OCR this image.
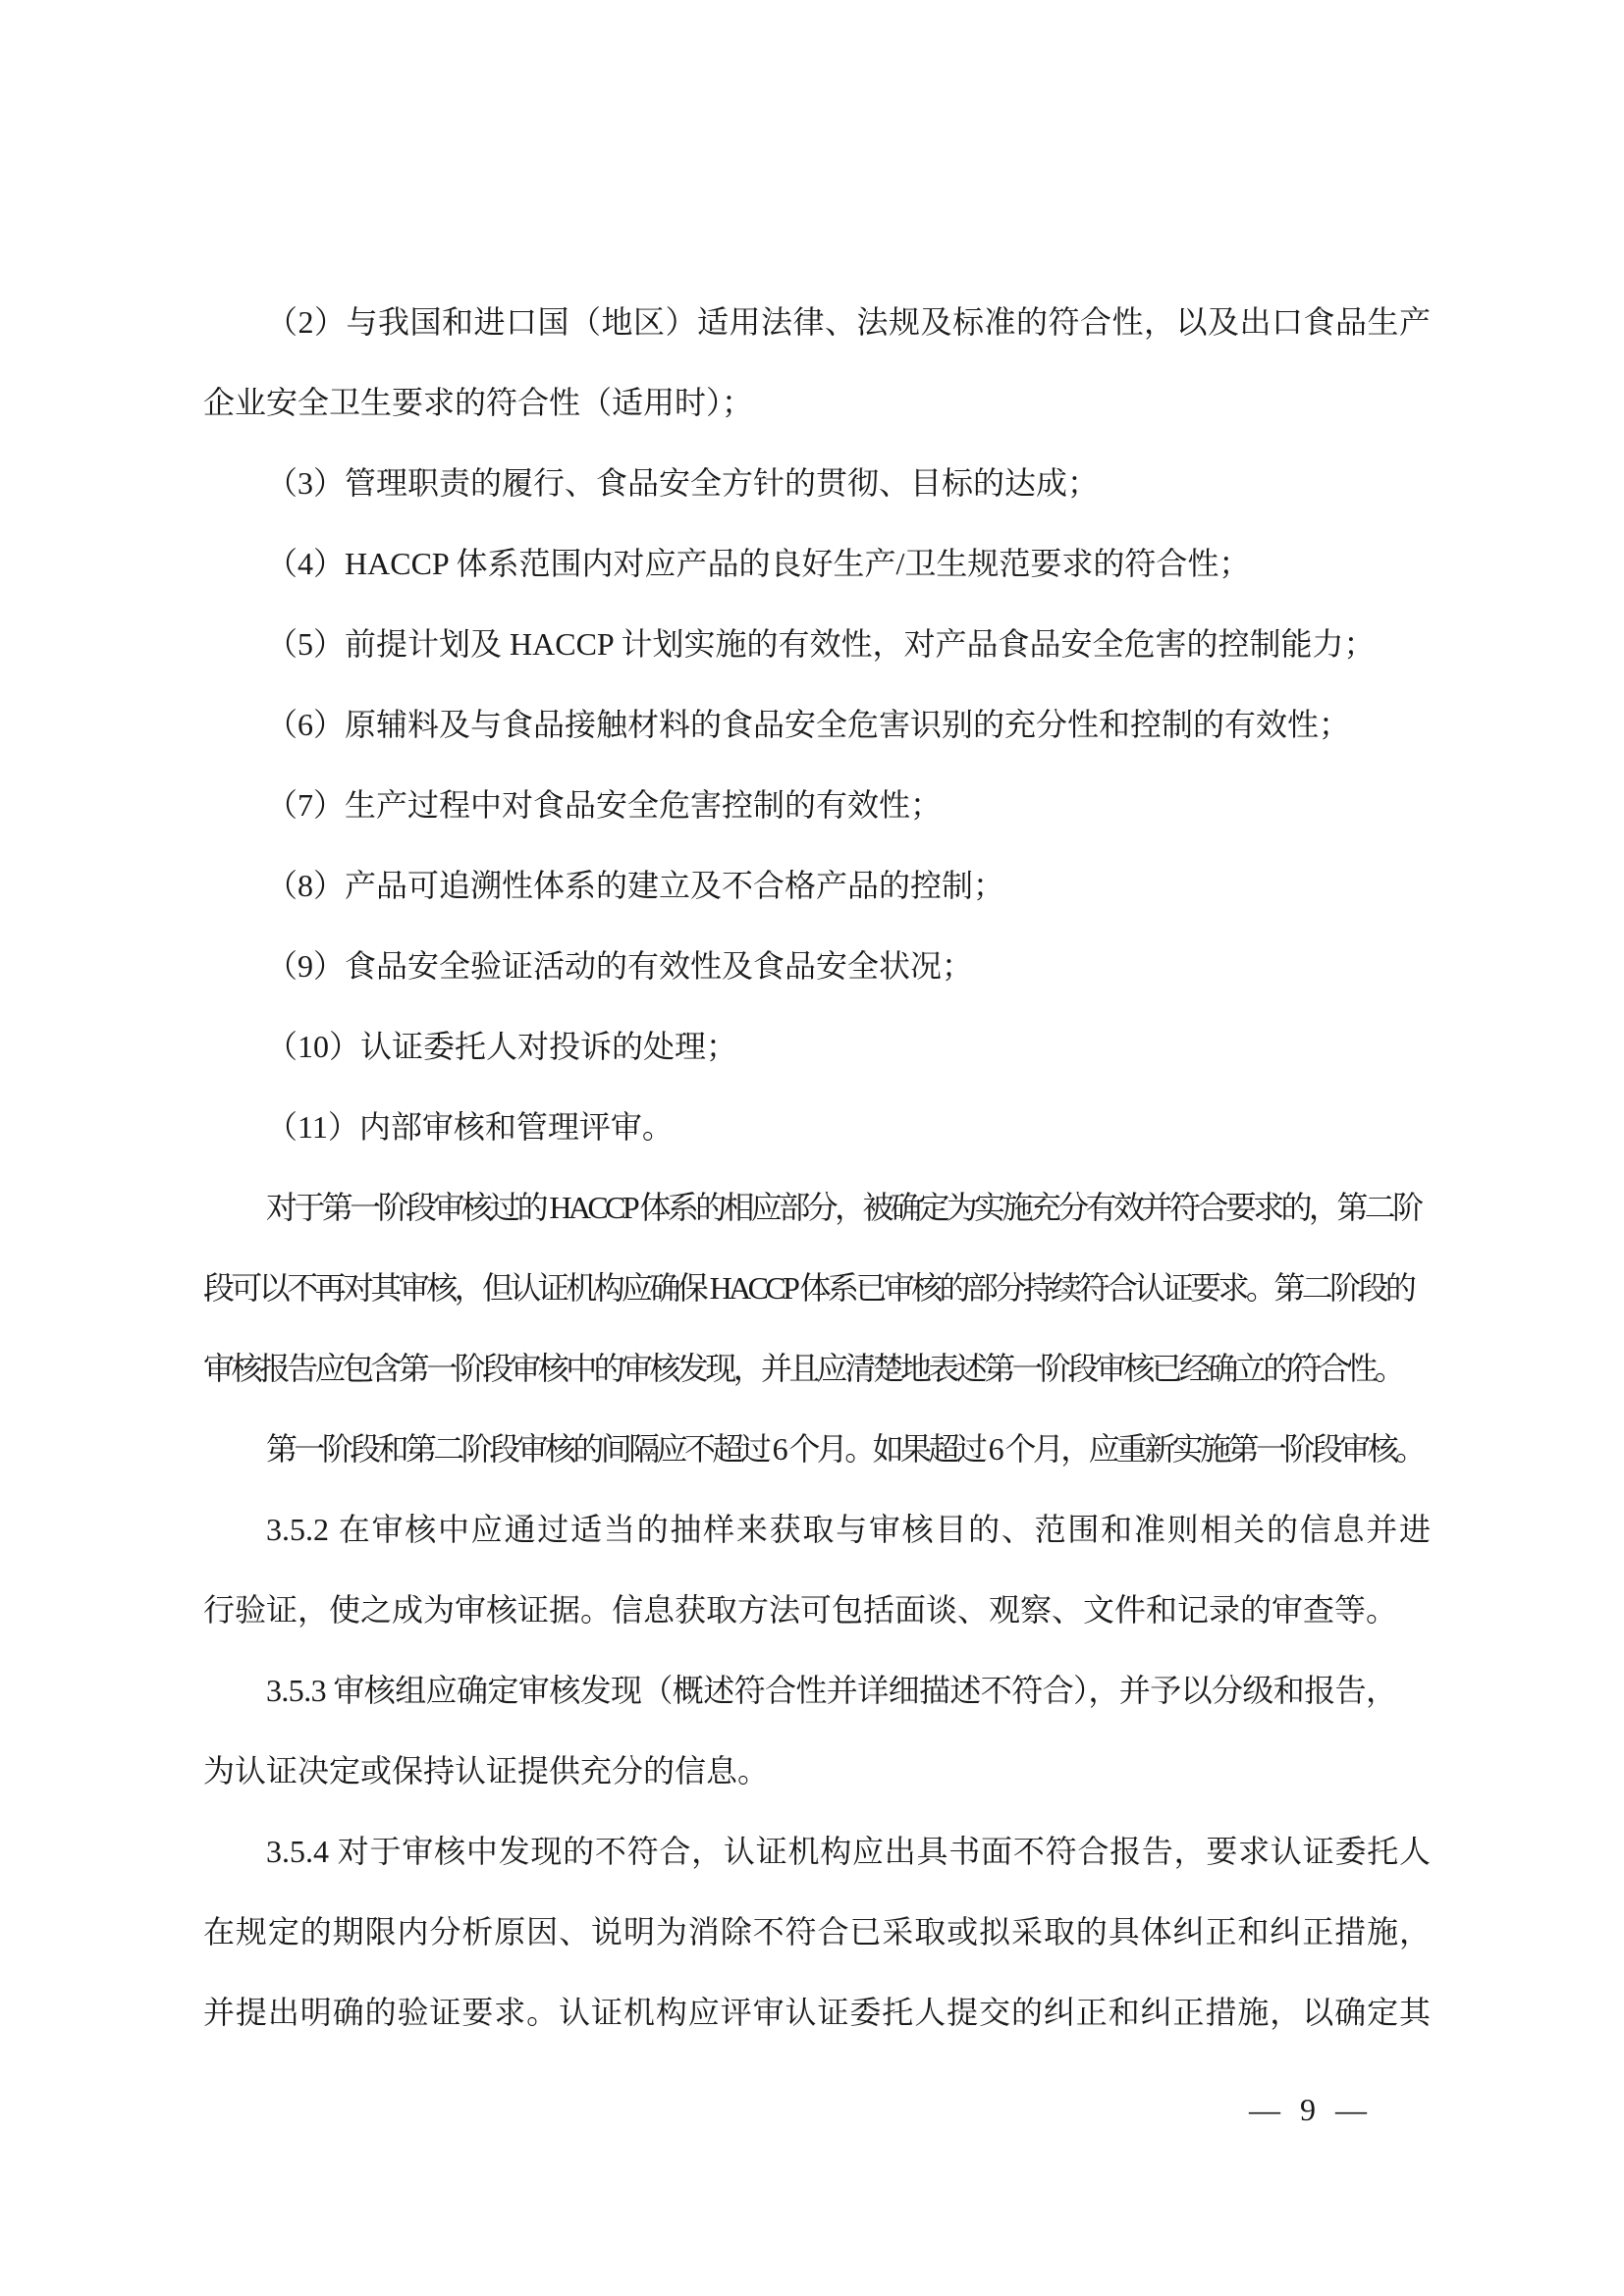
（2）与我国和进口国（地区）适用法律、法规及标准的符合性，以及出口食品生产
企业安全卫生要求的符合性（适用时）；
（3）管理职责的履行、食品安全方针的贯彻、目标的达成；
（4）HACCP 体系范围内对应产品的良好生产/卫生规范要求的符合性；
（5）前提计划及 HACCP 计划实施的有效性，对产品食品安全危害的控制能力；
（6）原辅料及与食品接触材料的食品安全危害识别的充分性和控制的有效性；
（7）生产过程中对食品安全危害控制的有效性；
（8）产品可追溯性体系的建立及不合格产品的控制；
（9）食品安全验证活动的有效性及食品安全状况；
（10）认证委托人对投诉的处理；
（11）内部审核和管理评审。
对于第一阶段审核过的 HACCP 体系的相应部分，被确定为实施充分有效并符合要求的，第二阶
段可以不再对其审核，但认证机构应确保 HACCP 体系已审核的部分持续符合认证要求。第二阶段的
审核报告应包含第一阶段审核中的审核发现，并且应清楚地表述第一阶段审核已经确立的符合性。
第一阶段和第二阶段审核的间隔应不超过 6 个月。如果超过 6 个月，应重新实施第一阶段审核。
3.5.2 在审核中应通过适当的抽样来获取与审核目的、范围和准则相关的信息并进
行验证，使之成为审核证据。信息获取方法可包括面谈、观察、文件和记录的审查等。
3.5.3 审核组应确定审核发现（概述符合性并详细描述不符合），并予以分级和报告，
为认证决定或保持认证提供充分的信息。
3.5.4 对于审核中发现的不符合，认证机构应出具书面不符合报告，要求认证委托人
在规定的期限内分析原因、说明为消除不符合已采取或拟采取的具体纠正和纠正措施，
并提出明确的验证要求。认证机构应评审认证委托人提交的纠正和纠正措施，以确定其
— 9 —
